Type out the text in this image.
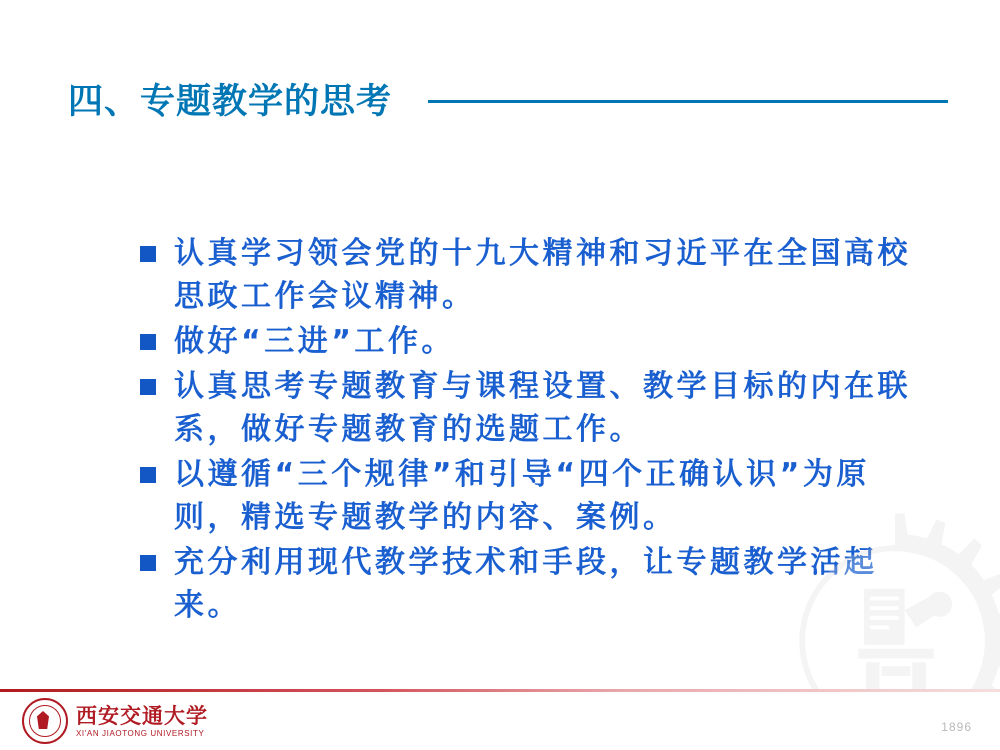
四、专题教学的思考
认真学习领会党的十九大精神和习近平在全国高校思政工作会议精神。
做好“三进”工作。
认真思考专题教育与课程设置、教学目标的内在联系，做好专题教育的选题工作。
以遵循“三个规律”和引导“四个正确认识”为原则，精选专题教学的内容、案例。
充分利用现代教学技术和手段，让专题教学活起来。
西安交通大学
XI'AN JIAOTONG UNIVERSITY	1896
